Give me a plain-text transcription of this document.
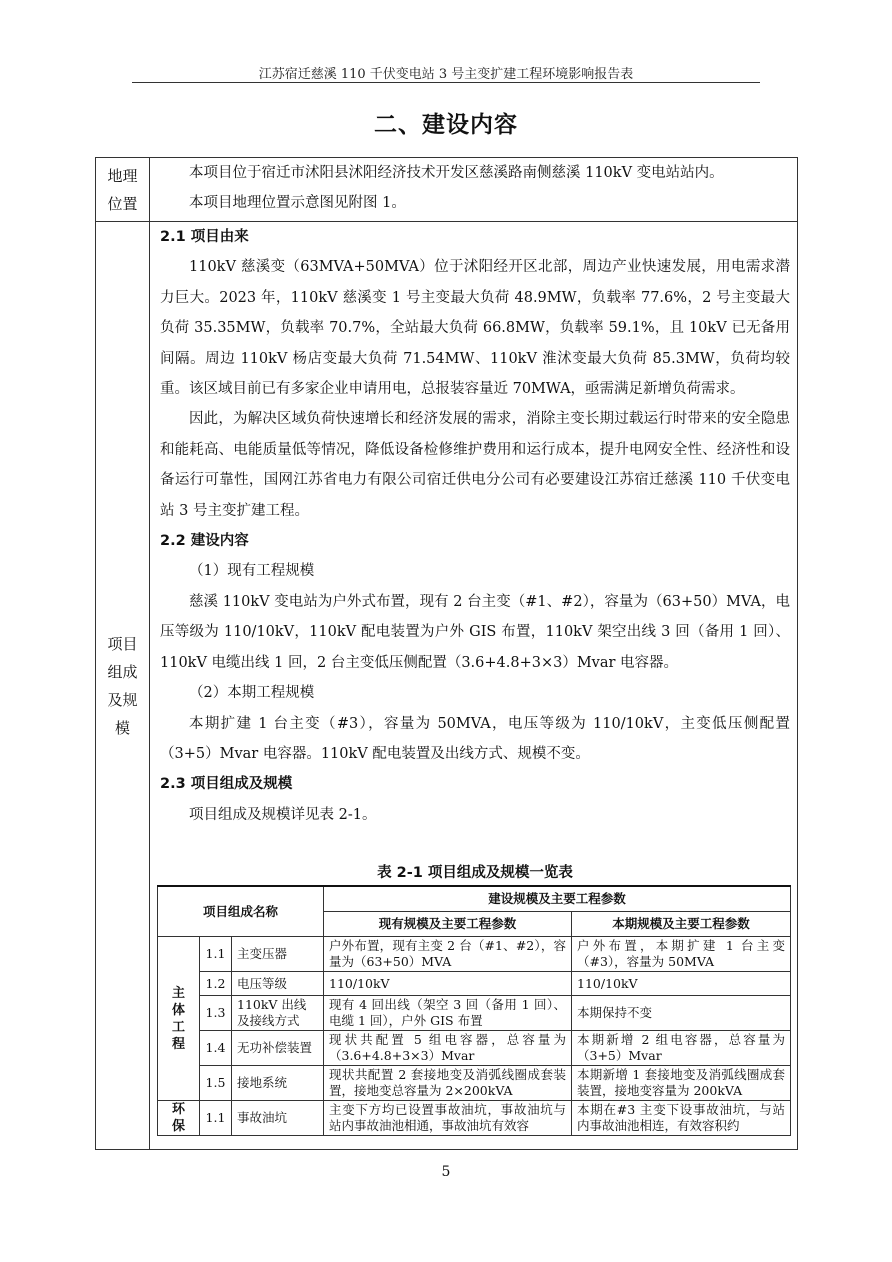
江苏宿迁慈溪 110 千伏变电站 3 号主变扩建工程环境影响报告表
二、建设内容
地理位置

本项目位于宿迁市沭阳县沭阳经济技术开发区慈溪路南侧慈溪 110kV 变电站站内。

本项目地理位置示意图见附图 1。

项目组成及规模
2.1 项目由来

110kV 慈溪变（63MVA+50MVA）位于沭阳经开区北部，周边产业快速发展，用电需求潜力巨大。2023 年，110kV 慈溪变 1 号主变最大负荷 48.9MW，负载率 77.6%，2 号主变最大负荷 35.35MW，负载率 70.7%，全站最大负荷 66.8MW，负载率 59.1%，且 10kV 已无备用间隔。周边 110kV 杨店变最大负荷 71.54MW、110kV 淮沭变最大负荷 85.3MW，负荷均较重。该区域目前已有多家企业申请用电，总报装容量近 70MWA，亟需满足新增负荷需求。

因此，为解决区域负荷快速增长和经济发展的需求，消除主变长期过载运行时带来的安全隐患和能耗高、电能质量低等情况，降低设备检修维护费用和运行成本，提升电网安全性、经济性和设备运行可靠性，国网江苏省电力有限公司宿迁供电分公司有必要建设江苏宿迁慈溪 110 千伏变电站 3 号主变扩建工程。

2.2 建设内容

（1）现有工程规模

慈溪 110kV 变电站为户外式布置，现有 2 台主变（#1、#2），容量为（63+50）MVA，电压等级为 110/10kV，110kV 配电装置为户外 GIS 布置，110kV 架空出线 3 回（备用 1 回）、110kV 电缆出线 1 回，2 台主变低压侧配置（3.6+4.8+3×3）Mvar 电容器。

（2）本期工程规模

本期扩建 1 台主变（#3），容量为 50MVA，电压等级为 110/10kV，主变低压侧配置（3+5）Mvar 电容器。110kV 配电装置及出线方式、规模不变。

2.3 项目组成及规模

项目组成及规模详见表 2-1。

表 2-1 项目组成及规模一览表
项目组成名称			建设规模及主要工程参数	
			现有规模及主要工程参数	本期规模及主要工程参数

主体工程	1.1	主变压器	户外布置，现有主变 2 台（#1、#2），容量为（63+50）MVA	户外布置，本期扩建 1 台主变（#3），容量为 50MVA
	1.2	电压等级	110/10kV	110/10kV
	1.3	110kV 出线及接线方式	现有 4 回出线（架空 3 回（备用 1 回）、电缆 1 回），户外 GIS 布置	本期保持不变
	1.4	无功补偿装置	现状共配置 5 组电容器，总容量为（3.6+4.8+3×3）Mvar	本期新增 2 组电容器，总容量为（3+5）Mvar
	1.5	接地系统	现状共配置 2 套接地变及消弧线圈成套装置，接地变总容量为 2×200kVA	本期新增 1 套接地变及消弧线圈成套装置，接地变容量为 200kVA

环保	1.1	事故油坑	主变下方均已设置事故油坑，事故油坑与站内事故油池相通，事故油坑有效容	本期在#3 主变下设事故油坑，与站内事故油池相连，有效容积约
5
